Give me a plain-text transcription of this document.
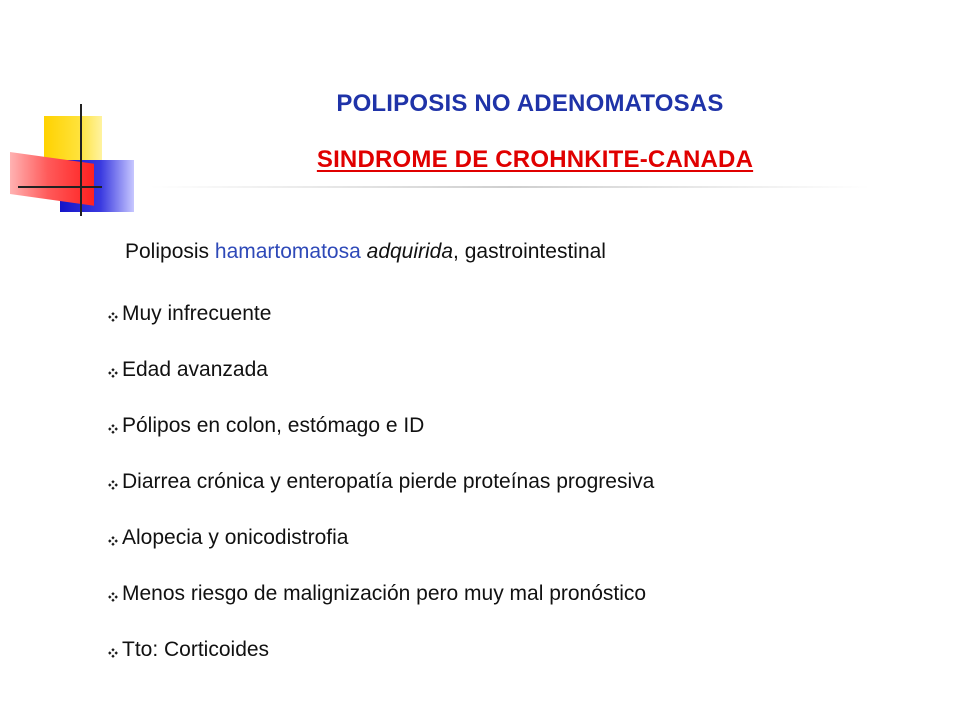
POLIPOSIS NO ADENOMATOSAS
SINDROME DE CROHNKITE-CANADA
Poliposis hamartomatosa adquirida, gastrointestinal
Muy infrecuente
Edad avanzada
Pólipos en colon, estómago e ID
Diarrea crónica y enteropatía pierde proteínas progresiva
Alopecia y onicodistrofia
Menos riesgo de malignización pero muy mal pronóstico
Tto: Corticoides
